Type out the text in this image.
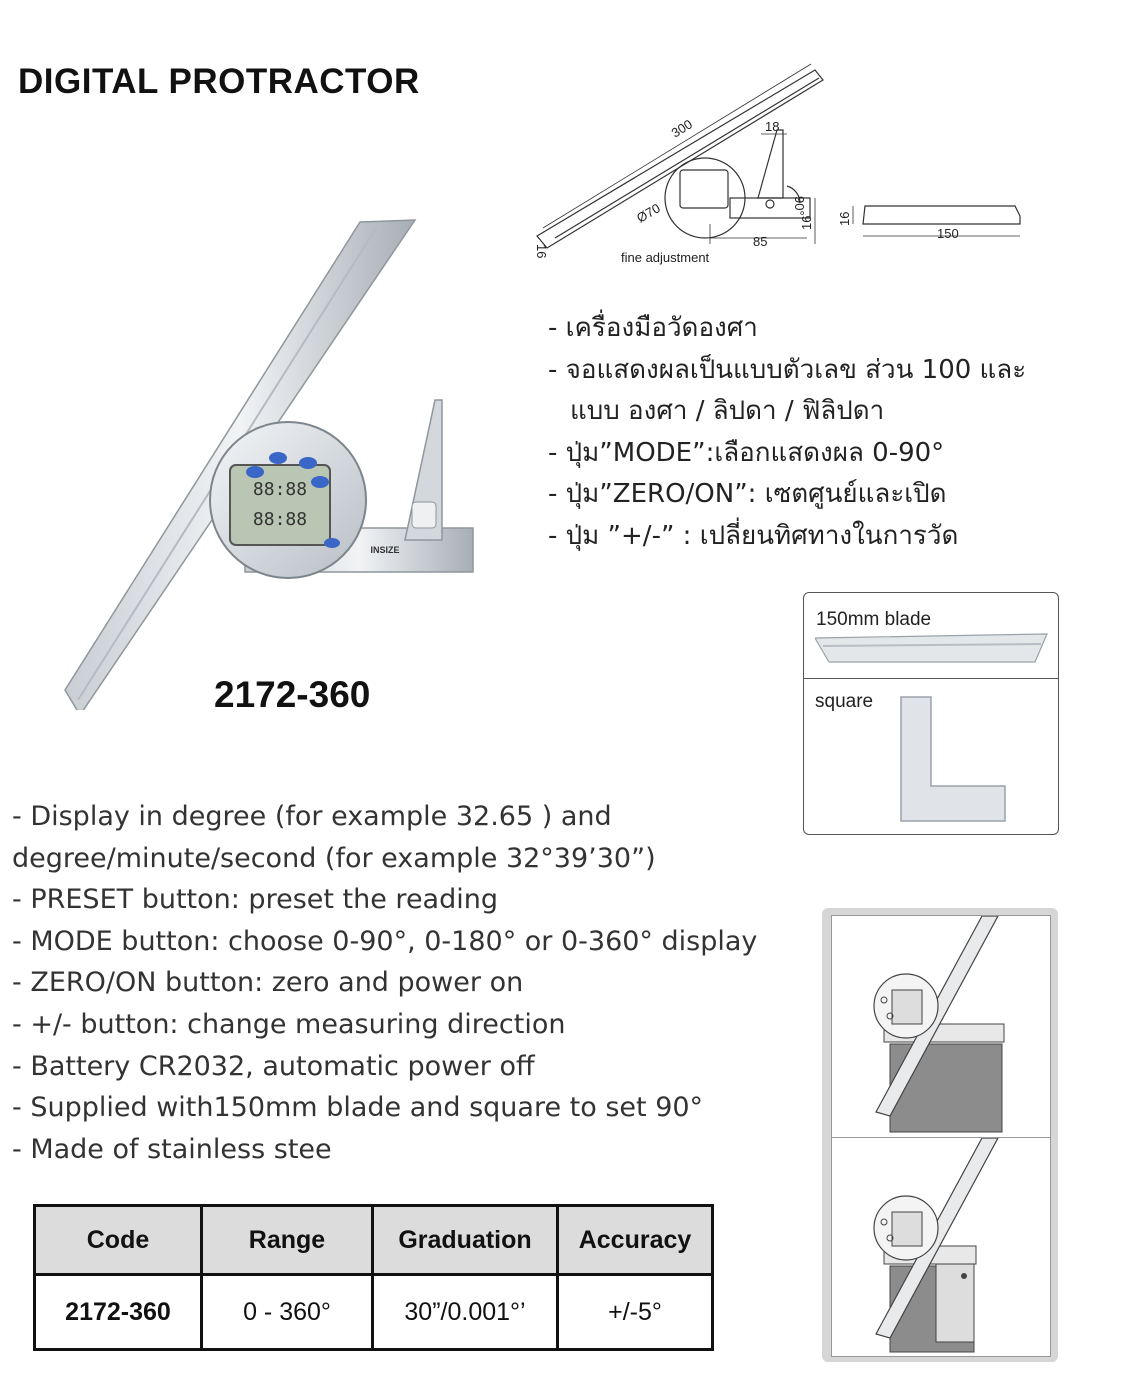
DIGITAL PROTRACTOR
88:88
88:88
INSIZE
2172-360
300	18
90°
Ø70
16
85
16 16
150
fine adjustment
- เครื่องมือวัดองศา
- จอแสดงผลเป็นแบบตัวเลข ส่วน 100 และ
แบบ องศา / ลิปดา / ฟิลิปดา
- ปุ่ม”MODE”:เลือกแสดงผล 0-90°
- ปุ่ม”ZERO/ON”: เซตศูนย์และเปิด
- ปุ่ม ”+/-” : เปลี่ยนทิศทางในการวัด
150mm blade
square
- Display in degree (for example 32.65 ) and
degree/minute/second (for example 32°39’30”)
- PRESET button: preset the reading
- MODE button: choose 0-90°, 0-180° or 0-360° display
- ZERO/ON button: zero and power on
- +/- button: change measuring direction
- Battery CR2032, automatic power off
- Supplied with150mm blade and square to set 90°
- Made of stainless stee
Code	Range	Graduation	Accuracy
2172-360	0 - 360°	30”/0.001°’	+/-5°
